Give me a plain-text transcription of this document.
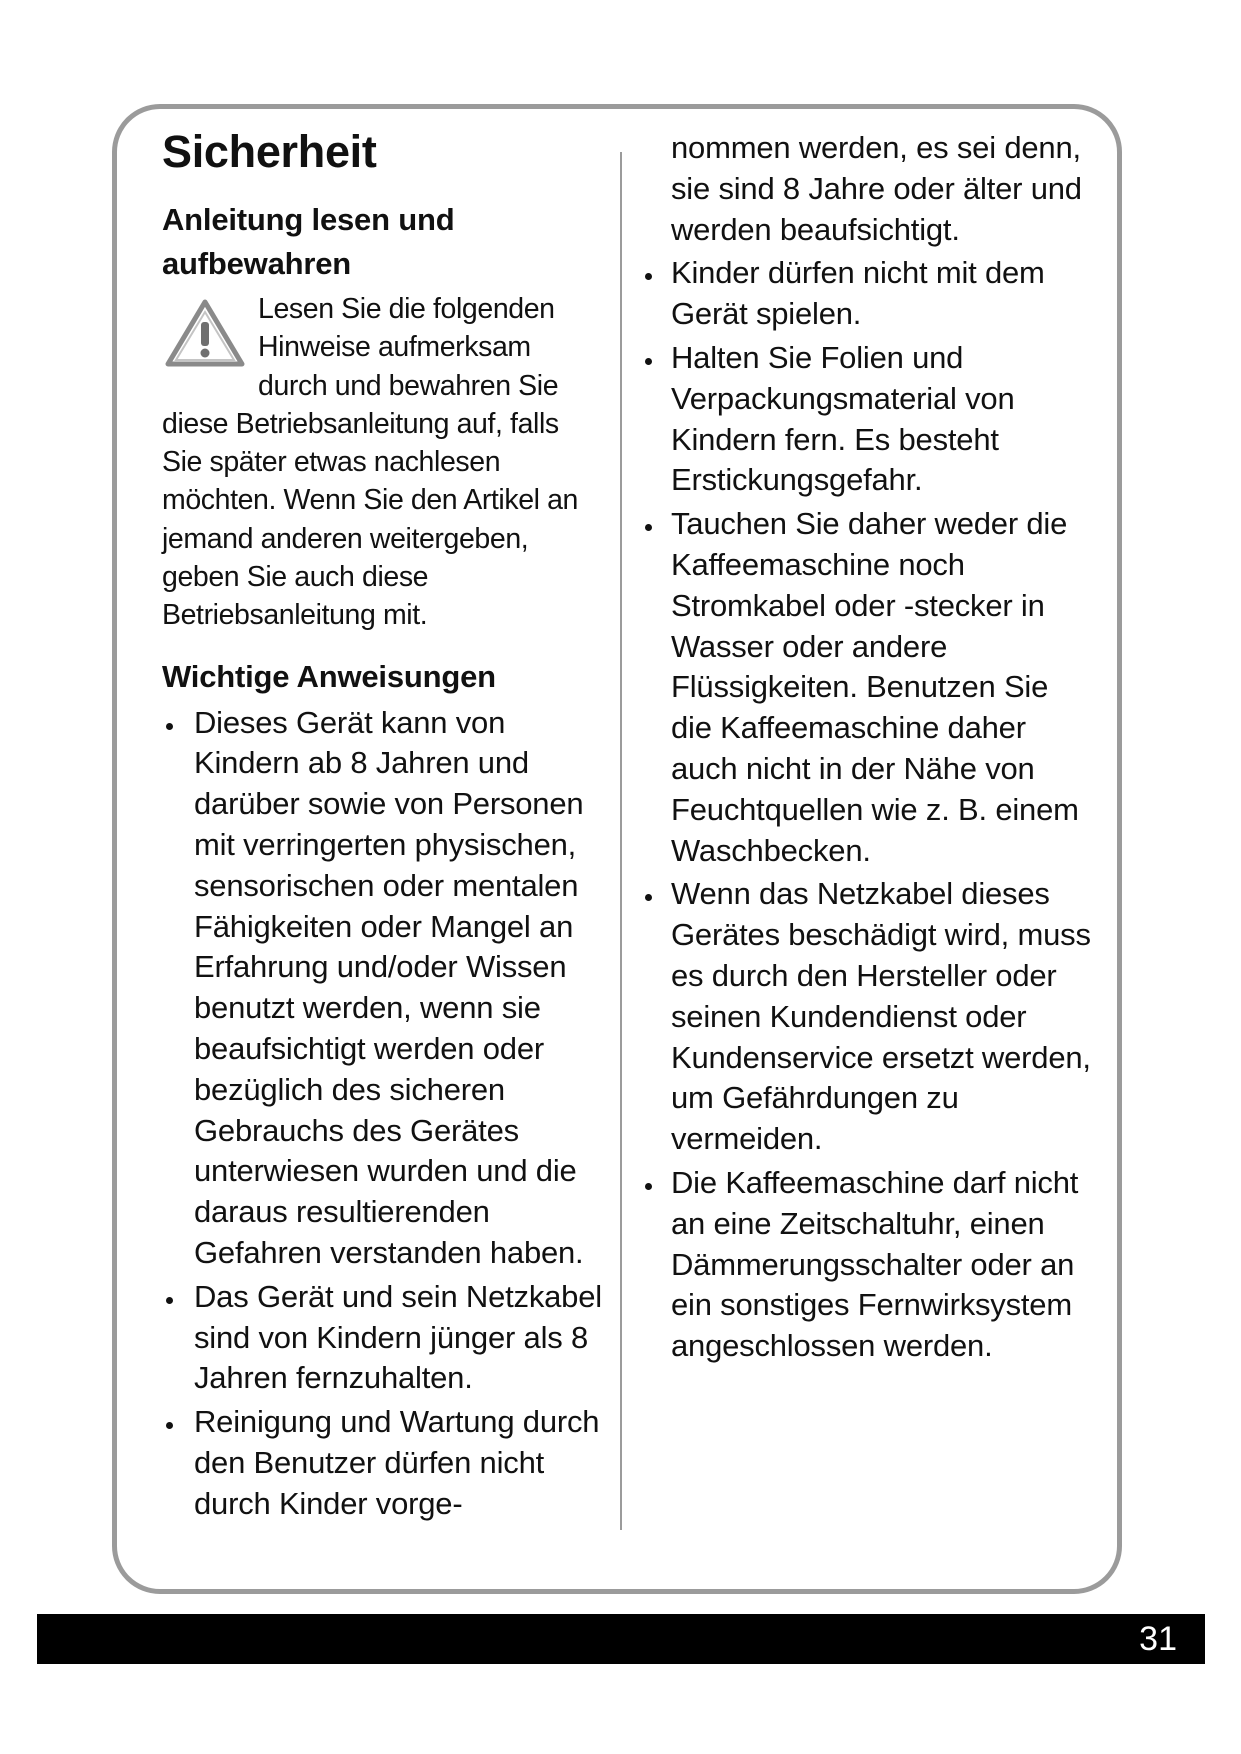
Sicherheit
Anleitung lesen und
aufbewahren
Lesen Sie die folgenden Hinweise aufmerksam durch und bewahren Sie diese Betriebsanleitung auf, falls Sie später etwas nachlesen möchten. Wenn Sie den Artikel an jemand anderen weitergeben, geben Sie auch diese Betriebsanleitung mit.
Wichtige Anweisungen
Dieses Gerät kann von Kindern ab 8 Jahren und darüber sowie von Personen mit verringerten physischen, sensorischen oder mentalen Fähigkeiten oder Mangel an Erfahrung und/oder Wissen benutzt werden, wenn sie beaufsichtigt werden oder bezüglich des sicheren Gebrauchs des Gerätes unterwiesen wurden und die daraus resultierenden Gefahren verstanden haben.
Das Gerät und sein Netzkabel sind von Kindern jünger als 8 Jahren fernzuhalten.
Reinigung und Wartung durch den Benutzer dürfen nicht durch Kinder vorge-
nommen werden, es sei denn, sie sind 8 Jahre oder älter und werden beaufsichtigt.
Kinder dürfen nicht mit dem Gerät spielen.
Halten Sie Folien und Verpackungsmaterial von Kindern fern. Es besteht Erstickungsgefahr.
Tauchen Sie daher weder die Kaffeemaschine noch Stromkabel oder -stecker in Wasser oder andere Flüssigkeiten. Benutzen Sie die Kaffeemaschine daher auch nicht in der Nähe von Feuchtquellen wie z. B. einem Waschbecken.
Wenn das Netzkabel dieses Gerätes beschädigt wird, muss es durch den Hersteller oder seinen Kundendienst oder Kundenservice ersetzt werden, um Gefährdungen zu vermeiden.
Die Kaffeemaschine darf nicht an eine Zeitschaltuhr, einen Dämmerungsschalter oder an ein sonstiges Fernwirksystem angeschlossen werden.
31
